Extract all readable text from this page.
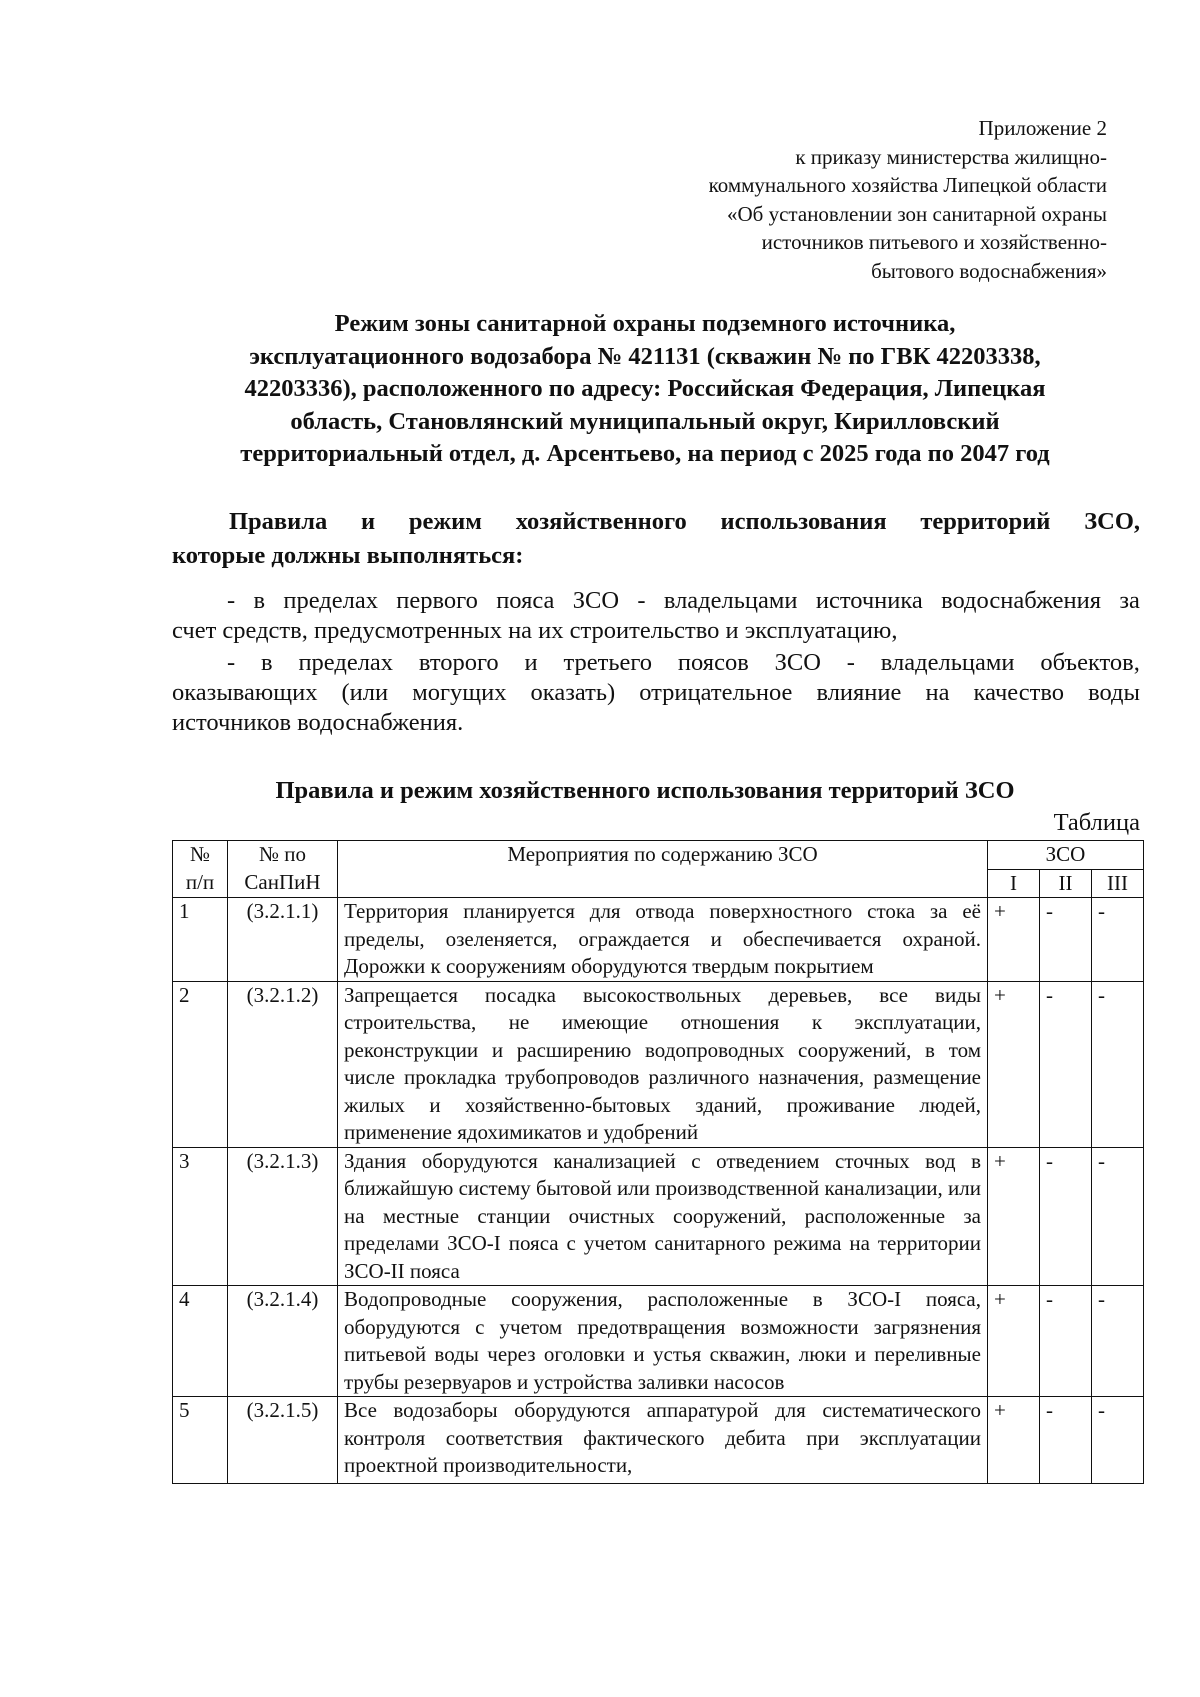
Приложение 2
к приказу министерства жилищно-
коммунального хозяйства Липецкой области
«Об установлении зон санитарной охраны
источников питьевого и хозяйственно-
бытового водоснабжения»
Режим зоны санитарной охраны подземного источника,
эксплуатационного водозабора № 421131 (скважин № по ГВК 42203338,
42203336), расположенного по адресу: Российская Федерация, Липецкая
область, Становлянский муниципальный округ, Кирилловский
территориальный отдел, д. Арсентьево, на период с 2025 года по 2047 год
Правила и режим хозяйственного использования территорий ЗСО,
которые должны выполняться:
- в пределах первого пояса ЗСО - владельцами источника водоснабжения за
счет средств, предусмотренных на их строительство и эксплуатацию,
- в пределах второго и третьего поясов ЗСО - владельцами объектов,
оказывающих (или могущих оказать) отрицательное влияние на качество воды
источников водоснабжения.
Правила и режим хозяйственного использования территорий ЗСО
Таблица
№ п/п	№ по СанПиН	Мероприятия по содержанию ЗСО	ЗСО		
			I	II	III
1	(3.2.1.1)	Территория планируется для отвода поверхностного стока за её пределы, озеленяется, ограждается и обеспечивается охраной. Дорожки к сооружениям оборудуются твердым покрытием	+	-	-
2	(3.2.1.2)	Запрещается посадка высокоствольных деревьев, все виды строительства, не имеющие отношения к эксплуатации, реконструкции и расширению водопроводных сооружений, в том числе прокладка трубопроводов различного назначения, размещение жилых и хозяйственно-бытовых зданий, проживание людей, применение ядохимикатов и удобрений	+	-	-
3	(3.2.1.3)	Здания оборудуются канализацией с отведением сточных вод в ближайшую систему бытовой или производственной канализации, или на местные станции очистных сооружений, расположенные за пределами ЗСО-I пояса с учетом санитарного режима на территории ЗСО-II пояса	+	-	-
4	(3.2.1.4)	Водопроводные сооружения, расположенные в ЗСО-I пояса, оборудуются с учетом предотвращения возможности загрязнения питьевой воды через оголовки и устья скважин, люки и переливные трубы резервуаров и устройства заливки насосов	+	-	-
5	(3.2.1.5)	Все водозаборы оборудуются аппаратурой для систематического контроля соответствия фактического дебита при эксплуатации проектной производительности,	+	-	-
